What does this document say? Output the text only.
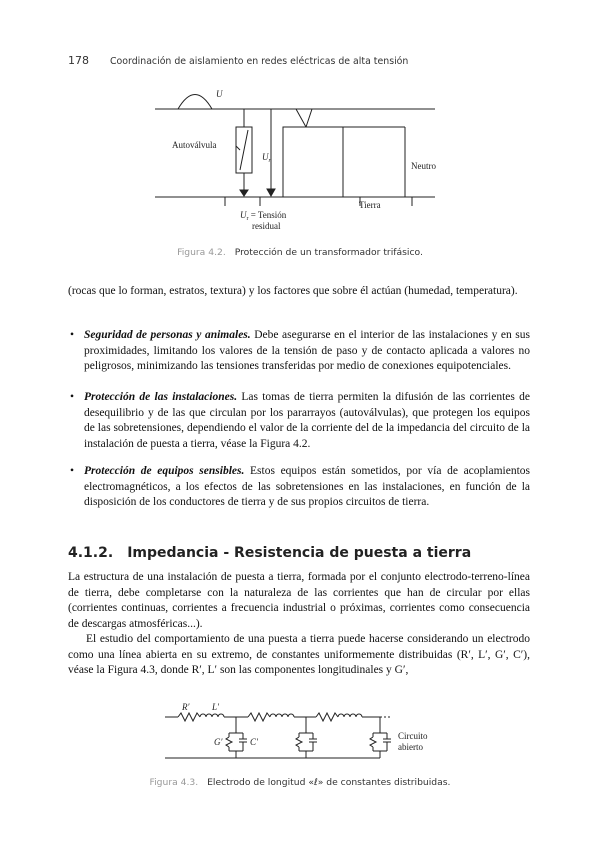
178 Coordinación de aislamiento en redes eléctricas de alta tensión
U
Autoválvula
$U_r$	Neutro
Tierra
$U_r$ = Tensión
residual
Figura 4.2. Protección de un transformador trifásico.
(rocas que lo forman, estratos, textura) y los factores que sobre él actúan (humedad, temperatura).
• Seguridad de personas y animales. Debe asegurarse en el interior de las instalaciones y en sus proximidades, limitando los valores de la tensión de paso y de contacto aplicada a valores no peligrosos, minimizando las tensiones transferidas por medio de conexiones equipotenciales.
• Protección de las instalaciones. Las tomas de tierra permiten la difusión de las corrientes de desequilibrio y de las que circulan por los pararrayos (autoválvulas), que protegen los equipos de las sobretensiones, dependiendo el valor de la corriente del de la impedancia del circuito de la instalación de puesta a tierra, véase la Figura 4.2.
• Protección de equipos sensibles. Estos equipos están sometidos, por vía de acoplamientos electromagnéticos, a los efectos de las sobretensiones en las instalaciones, en función de la disposición de los conductores de tierra y de sus propios circuitos de tierra.
4.1.2. Impedancia - Resistencia de puesta a tierra
La estructura de una instalación de puesta a tierra, formada por el conjunto electrodo-terreno-línea de tierra, debe completarse con la naturaleza de las corrientes que han de circular por ellas (corrientes continuas, corrientes a frecuencia industrial o próximas, corrientes como consecuencia de descargas atmosféricas...).
El estudio del comportamiento de una puesta a tierra puede hacerse considerando un electrodo como una línea abierta en su extremo, de constantes uniformemente distribuidas (R′, L′, G′, C′), véase la Figura 4.3, donde R′, L′ son las componentes longitudinales y G′,
R′	L′
G′	C′
Circuito
abierto
Figura 4.3. Electrodo de longitud «ℓ» de constantes distribuidas.
